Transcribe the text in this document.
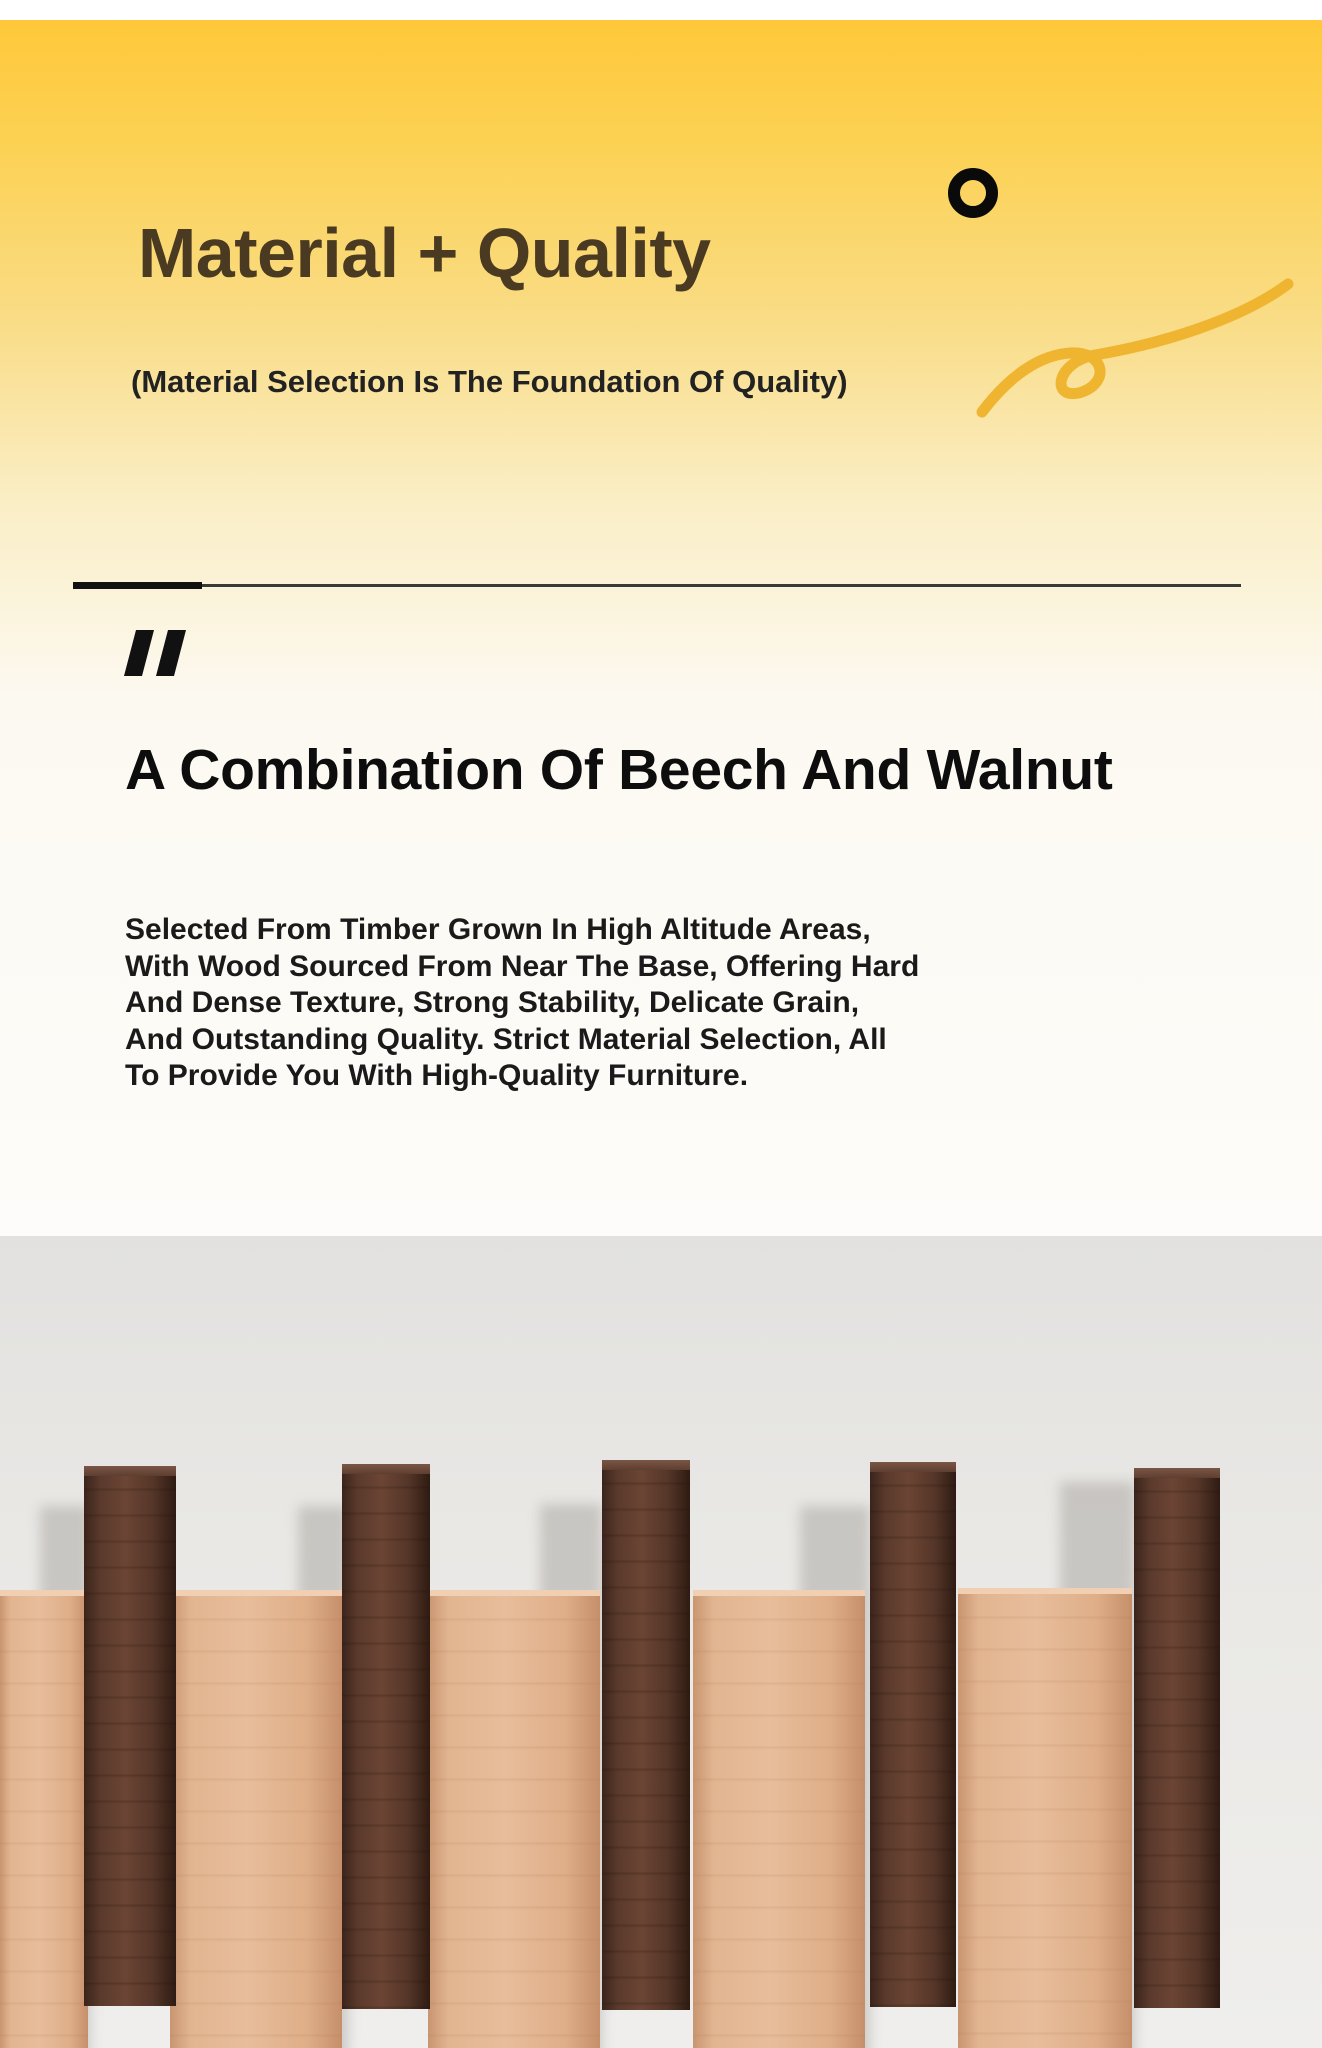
Material + Quality

(Material Selection Is The Foundation Of Quality)

A Combination Of Beech And Walnut

Selected From Timber Grown In High Altitude Areas,
With Wood Sourced From Near The Base, Offering Hard
And Dense Texture, Strong Stability, Delicate Grain,
And Outstanding Quality. Strict Material Selection, All
To Provide You With High-Quality Furniture.
